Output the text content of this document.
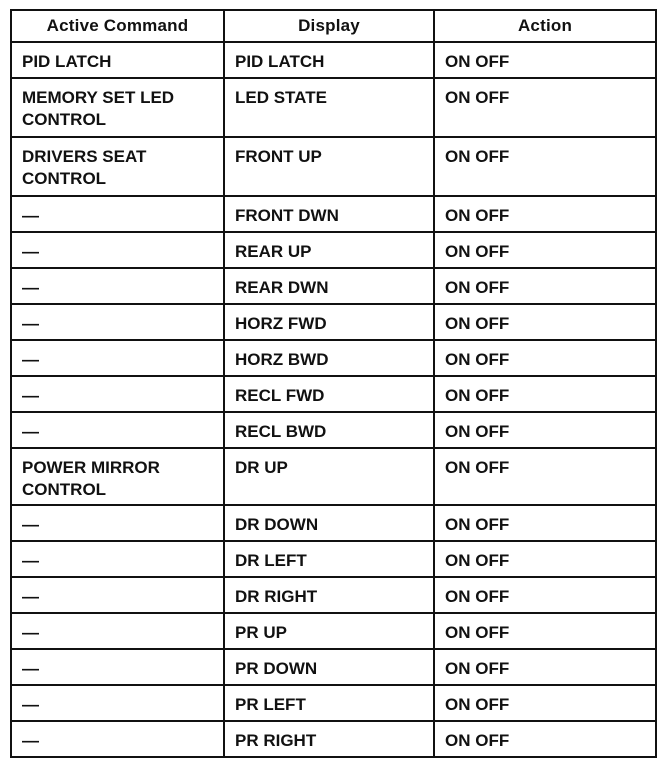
Active Command	Display	Action
PID LATCH	PID LATCH	ON OFF
MEMORY SET LED CONTROL	LED STATE	ON OFF
DRIVERS SEAT CONTROL	FRONT UP	ON OFF
—	FRONT DWN	ON OFF
—	REAR UP	ON OFF
—	REAR DWN	ON OFF
—	HORZ FWD	ON OFF
—	HORZ BWD	ON OFF
—	RECL FWD	ON OFF
—	RECL BWD	ON OFF
POWER MIRROR CONTROL	DR UP	ON OFF
—	DR DOWN	ON OFF
—	DR LEFT	ON OFF
—	DR RIGHT	ON OFF
—	PR UP	ON OFF
—	PR DOWN	ON OFF
—	PR LEFT	ON OFF
—	PR RIGHT	ON OFF
